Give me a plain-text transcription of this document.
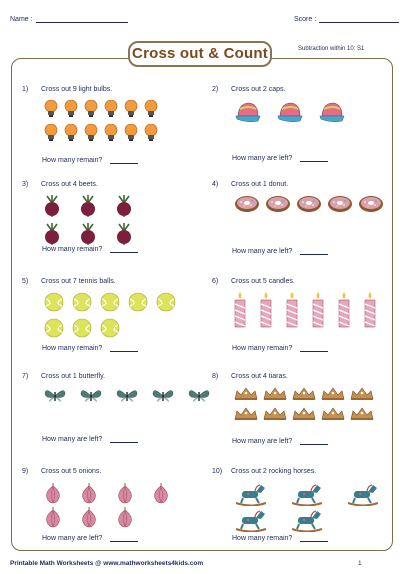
Name :	Score :
Cross out & Count	Subtraction within 10: S1
1) Cross out 9 light bulbs.
How many remain?
2) Cross out 2 caps.
How many are left?
3) Cross out 4 beets.
How many remain?
4) Cross out 1 donut.
How many are left?
5) Cross out 7 tennis balls.
How many remain?
6) Cross out 5 candles.
How many remain?
7) Cross out 1 butterfly.
How many are left?
8) Cross out 4 tiaras.
How many are left?
9) Cross out 5 onions.
How many are left?
10) Cross out 2 rocking horses.
How many remain?
Printable Math Worksheets @ www.mathworksheets4kids.com	1
